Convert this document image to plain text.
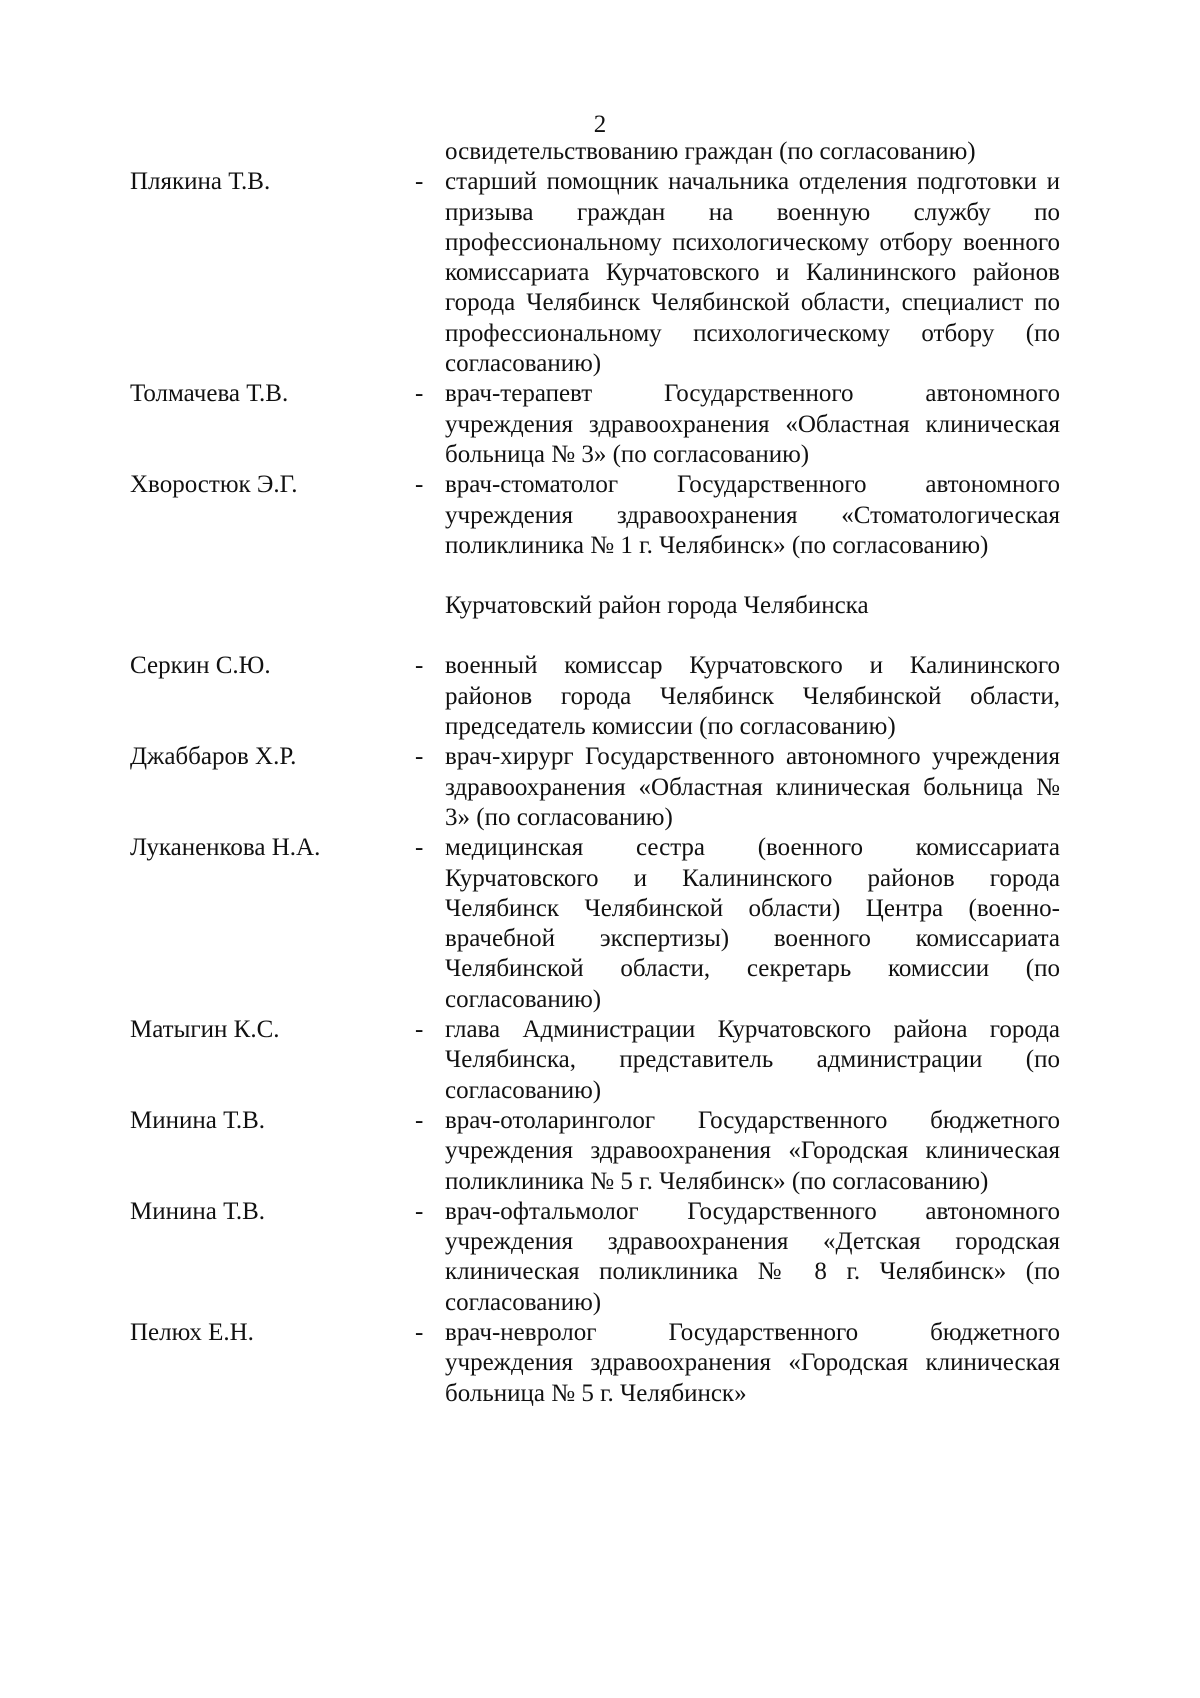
2
освидетельствованию граждан (по согласованию)
Плякина Т.В.	- старший помощник начальника отделения подготовки и призыва граждан на военную службу по профессиональному психологическому отбору военного комиссариата Курчатовского и Калининского районов города Челябинск Челябинской области, специалист по профессиональному психологическому отбору (по согласованию)
Толмачева Т.В.	- врач-терапевт Государственного автономного учреждения здравоохранения «Областная клиническая больница № 3» (по согласованию)
Хворостюк Э.Г.	- врач-стоматолог Государственного автономного учреждения здравоохранения «Стоматологическая поликлиника № 1 г. Челябинск» (по согласованию)
Курчатовский район города Челябинска
Серкин С.Ю.	- военный комиссар Курчатовского и Калининского районов города Челябинск Челябинской области, председатель комиссии (по согласованию)
Джаббаров Х.Р.	- врач-хирург Государственного автономного учреждения здравоохранения «Областная клиническая больница № 3» (по согласованию)
Луканенкова Н.А.	- медицинская сестра (военного комиссариата Курчатовского и Калининского районов города Челябинск Челябинской области) Центра (военно-врачебной экспертизы) военного комиссариата Челябинской области, секретарь комиссии (по согласованию)
Матыгин К.С.	- глава Администрации Курчатовского района города Челябинска, представитель администрации (по согласованию)
Минина Т.В.	- врач-отоларинголог Государственного бюджетного учреждения здравоохранения «Городская клиническая поликлиника № 5 г. Челябинск» (по согласованию)
Минина Т.В.	- врач-офтальмолог Государственного автономного учреждения здравоохранения «Детская городская клиническая поликлиника № 8 г. Челябинск» (по согласованию)
Пелюх Е.Н.	- врач-невролог Государственного бюджетного учреждения здравоохранения «Городская клиническая больница № 5 г. Челябинск»
